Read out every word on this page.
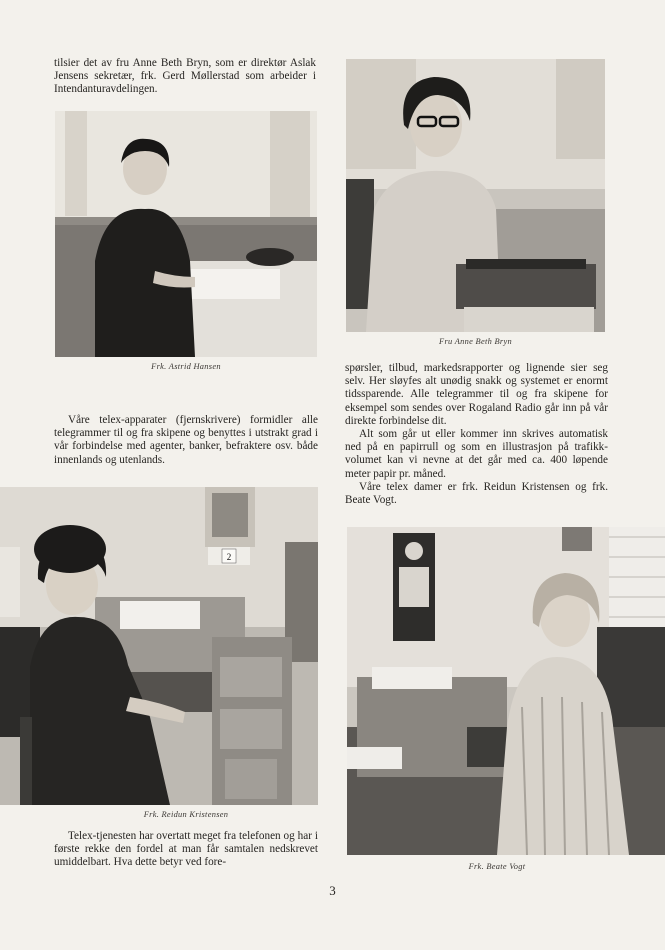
tilsier det av fru Anne Beth Bryn, som er direktør Aslak Jensens sekretær, frk. Gerd Møllerstad som arbeider i Intendanturavdelingen.

Frk. Astrid Hansen

Våre telex-apparater (fjernskrivere) formidler alle telegrammer til og fra skipene og benyttes i utstrakt grad i vår forbindelse med agenter, banker, befraktere osv. både innenlands og utenlands.

2
Frk. Reidun Kristensen

Telex-tjenesten har overtatt meget fra telefonen og har i første rekke den fordel at man får samtalen nedskrevet umiddelbart. Hva dette betyr ved fore-

Fru Anne Beth Bryn

spørsler, tilbud, markedsrapporter og lignende sier seg selv. Her sløyfes alt unødig snakk og systemet er enormt tidssparende. Alle telegrammer til og fra skipene for eksempel som sendes over Rogaland Radio går inn på vår direkte forbindelse dit.

Alt som går ut eller kommer inn skrives automatisk ned på en papirrull og som en illustrasjon på trafikk-volumet kan vi nevne at det går med ca. 400 løpende meter papir pr. måned.

Våre telex damer er frk. Reidun Kristensen og frk. Beate Vogt.

Frk. Beate Vogt
3
